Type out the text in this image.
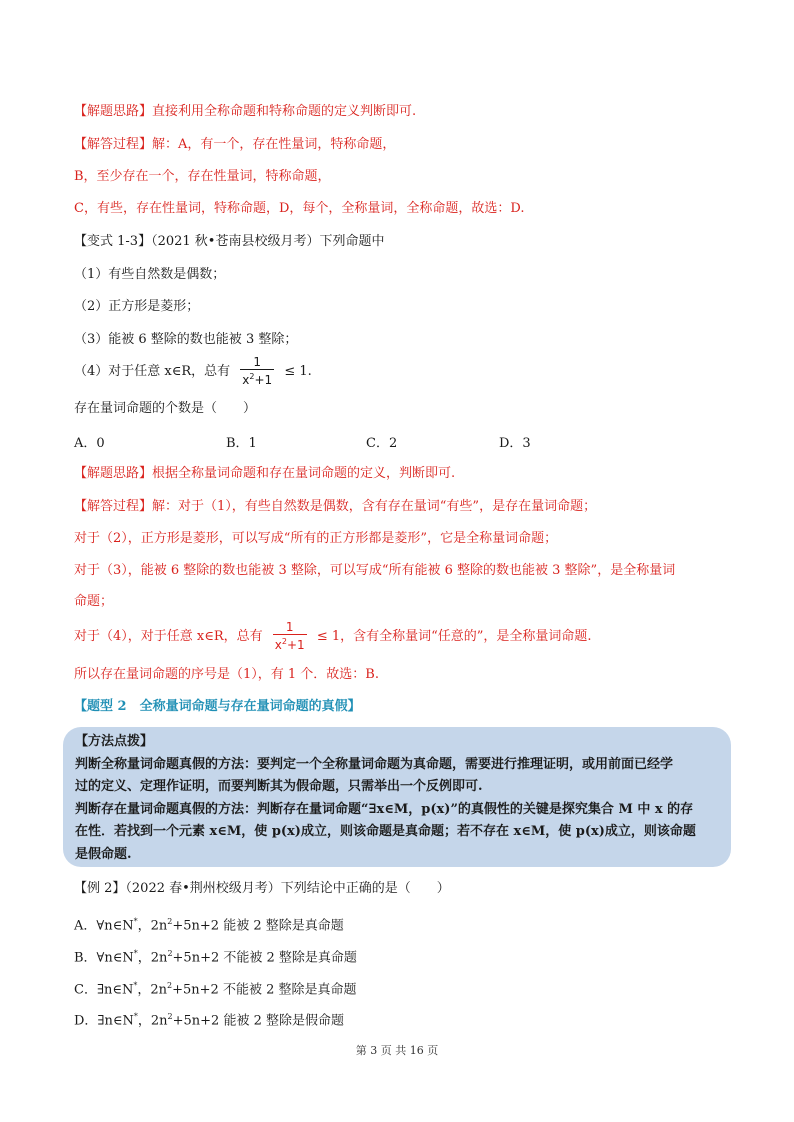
【解题思路】直接利用全称命题和特称命题的定义判断即可.
【解答过程】解：A，有一个，存在性量词，特称命题，
B，至少存在一个，存在性量词，特称命题，
C，有些，存在性量词，特称命题，D，每个，全称量词，全称命题，故选：D.
【变式 1-3】（2021 秋•苍南县校级月考）下列命题中
（1）有些自然数是偶数；
（2）正方形是菱形；
（3）能被 6 整除的数也能被 3 整除；
（4）对于任意 x∈R，总有 $\frac{1}{x^2+1} \le 1$.
存在量词命题的个数是（　　）
A．0	B．1	C．2	D．3
【解题思路】根据全称量词命题和存在量词命题的定义，判断即可.
【解答过程】解：对于（1），有些自然数是偶数，含有存在量词“有些”，是存在量词命题；
对于（2），正方形是菱形，可以写成“所有的正方形都是菱形”，它是全称量词命题；
对于（3），能被 6 整除的数也能被 3 整除，可以写成“所有能被 6 整除的数也能被 3 整除”，是全称量词
命题；
对于（4），对于任意 x∈R，总有 $\frac{1}{x^2+1} \le 1$，含有全称量词“任意的”，是全称量词命题.
所以存在量词命题的序号是（1），有 1 个．故选：B.
【题型 2　全称量词命题与存在量词命题的真假】

【方法点拨】

判断全称量词命题真假的方法：要判定一个全称量词命题为真命题，需要进行推理证明，或用前面已经学

过的定义、定理作证明，而要判断其为假命题，只需举出一个反例即可.

判断存在量词命题真假的方法：判断存在量词命题“∃x∈M，p(x)”的真假性的关键是探究集合 M 中 x 的存

在性．若找到一个元素 x∈M，使 p(x)成立，则该命题是真命题；若不存在 x∈M，使 p(x)成立，则该命题

是假命题.

【例 2】（2022 春•荆州校级月考）下列结论中正确的是（　　）
A．∀n∈N*，$2n^2+5n+2$ 能被 2 整除是真命题
B．∀n∈N*，$2n^2+5n+2$ 不能被 2 整除是真命题
C．∃n∈N*，$2n^2+5n+2$ 不能被 2 整除是真命题
D．∃n∈N*，$2n^2+5n+2$ 能被 2 整除是假命题
第 3 页 共 16 页
